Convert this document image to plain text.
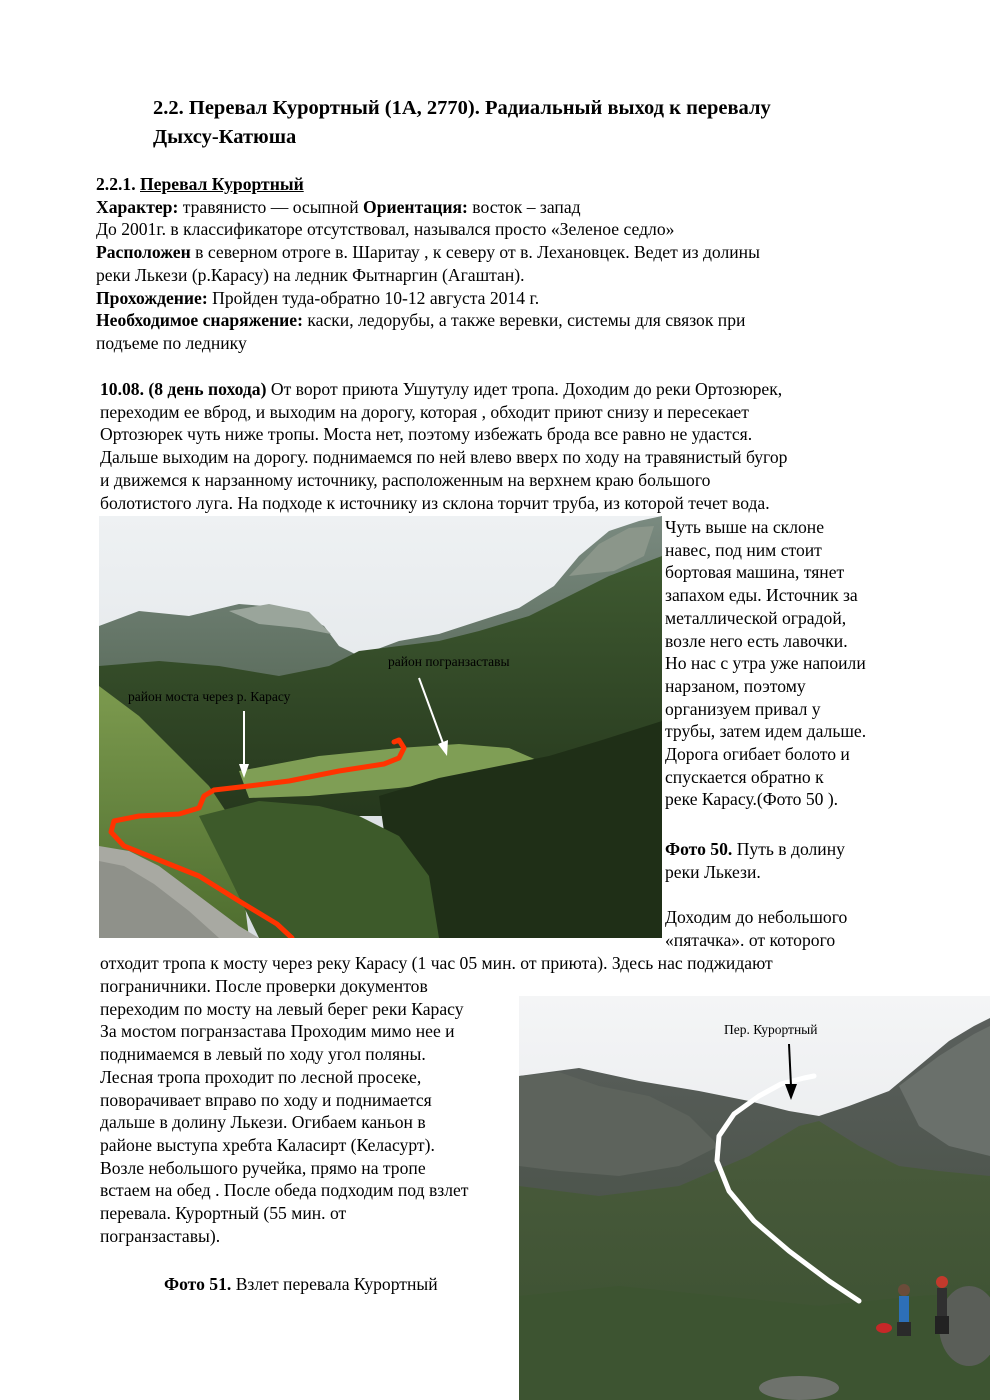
2.2. Перевал Курортный (1А, 2770). Радиальный выход к перевалу
Дыхсу-Катюша
2.2.1. Перевал Курортный
Характер: травянисто — осыпной Ориентация: восток – запад
До 2001г. в классификаторе отсутствовал, назывался просто «Зеленое седло»
Расположен в северном отроге в. Шаритау , к северу от в. Лехановцек. Ведет из долины
реки Лькези (р.Карасу) на ледник Фытнаргин (Агаштан).
Прохождение: Пройден туда-обратно 10-12 августа 2014 г.
Необходимое снаряжение: каски, ледорубы, а также веревки, системы для связок при
подъеме по леднику
10.08. (8 день похода) От ворот приюта Ушутулу идет тропа. Доходим до реки Ортозюрек,
переходим ее вброд, и выходим на дорогу, которая , обходит приют снизу и пересекает
Ортозюрек чуть ниже тропы. Моста нет, поэтому избежать брода все равно не удастся.
Дальше выходим на дорогу. поднимаемся по ней влево вверх по ходу на травянистый бугор
и движемся к нарзанному источнику, расположенным на верхнем краю большого
болотистого луга. На подходе к источнику из склона торчит труба, из которой течет вода.
район моста через р. Карасу
район погранзаставы
Чуть выше на склоне
навес, под ним стоит
бортовая машина, тянет
запахом еды. Источник за
металлической оградой,
возле него есть лавочки.
Но нас с утра уже напоили
нарзаном, поэтому
организуем привал у
трубы, затем идем дальше.
Дорога огибает болото и
спускается обратно к
реке Карасу.(Фото 50 ).
Фото 50. Путь в долину
реки Лькези.
Доходим до небольшого
«пятачка». от которого
отходит тропа к мосту через реку Карасу (1 час 05 мин. от приюта). Здесь нас поджидают
пограничники. После проверки документов
переходим по мосту на левый берег реки Карасу
За мостом погранзастава Проходим мимо нее и
поднимаемся в левый по ходу угол поляны.
Лесная тропа проходит по лесной просеке,
поворачивает вправо по ходу и поднимается
дальше в долину Лькези. Огибаем каньон в
районе выступа хребта Каласирт (Келасурт).
Возле небольшого ручейка, прямо на тропе
встаем на обед . После обеда подходим под взлет
перевала. Курортный (55 мин. от
погранзаставы).
Фото 51. Взлет перевала Курортный
Пер. Курортный
